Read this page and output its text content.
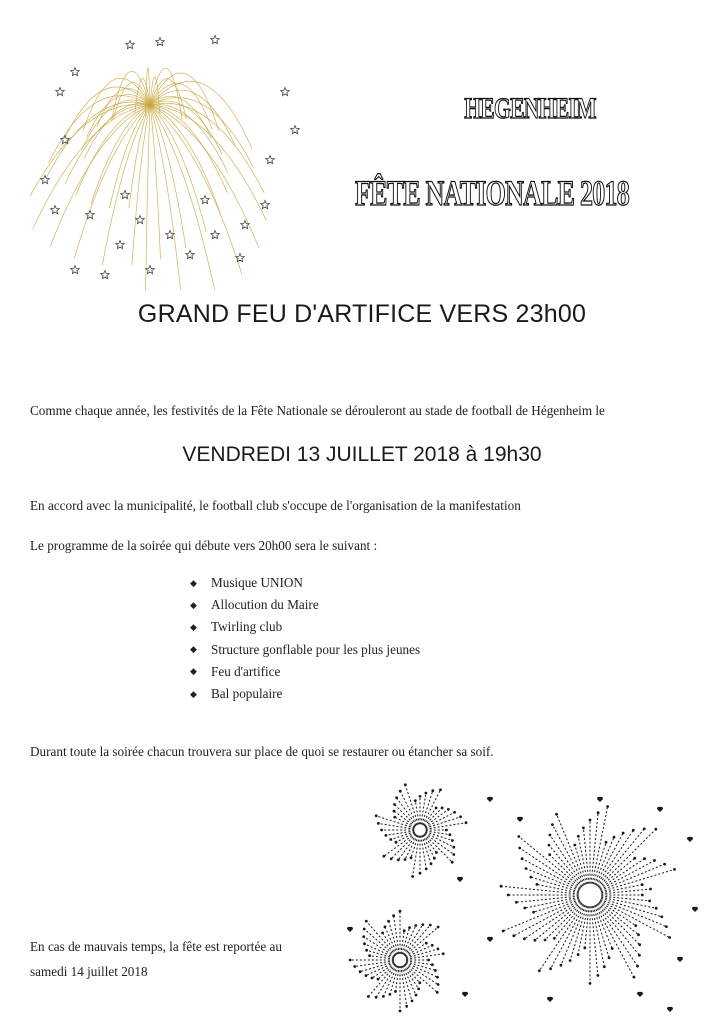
HEGENHEIM
FÊTE NATIONALE 2018
GRAND FEU D'ARTIFICE VERS 23h00
Comme chaque année, les festivités de la Fête Nationale se dérouleront au stade de football de Hégenheim le
VENDREDI 13 JUILLET 2018 à 19h30
En accord avec la municipalité, le football club s'occupe de l'organisation de la manifestation
Le programme de la soirée qui débute vers 20h00 sera le suivant :
◆	Musique UNION
◆	Allocution du Maire
◆	Twirling club
◆	Structure gonflable pour les plus jeunes
◆	Feu d'artifice
◆	Bal populaire
Durant toute la soirée chacun trouvera sur place de quoi se restaurer ou étancher sa soif.
En cas de mauvais temps, la fête est reportée au
samedi 14 juillet 2018
